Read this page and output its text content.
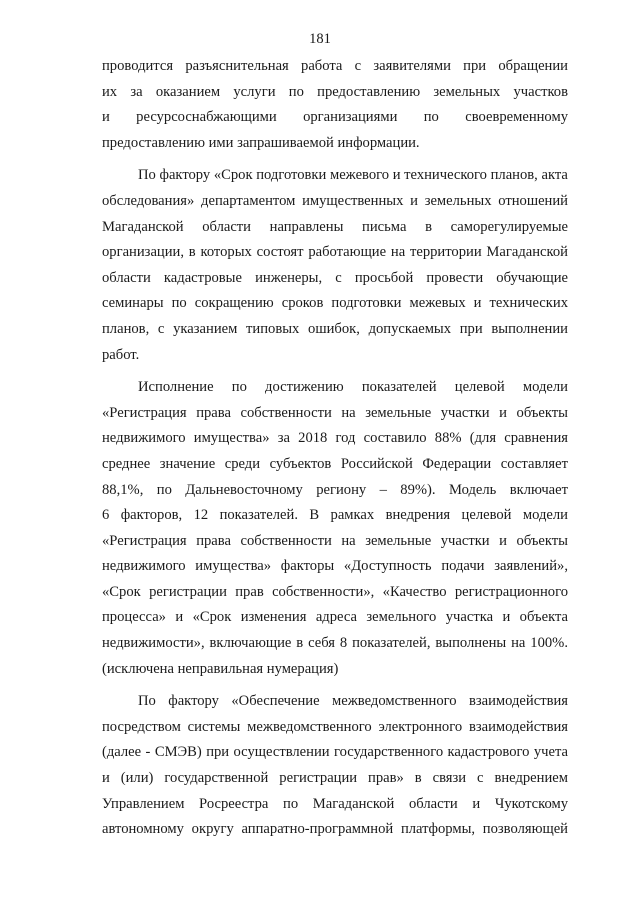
181
проводится разъяснительная работа с заявителями при обращении
их за оказанием услуги по предоставлению земельных участков
и ресурсоснабжающими организациями по своевременному
предоставлению ими запрашиваемой информации.
По фактору «Срок подготовки межевого и технического планов, акта
обследования» департаментом имущественных и земельных отношений
Магаданской области направлены письма в саморегулируемые
организации, в которых состоят работающие на территории Магаданской
области кадастровые инженеры, с просьбой провести обучающие
семинары по сокращению сроков подготовки межевых и технических
планов, с указанием типовых ошибок, допускаемых при выполнении
работ.
Исполнение по достижению показателей целевой модели
«Регистрация права собственности на земельные участки и объекты
недвижимого имущества» за 2018 год составило 88% (для сравнения
среднее значение среди субъектов Российской Федерации составляет
88,1%, по Дальневосточному региону – 89%). Модель включает
6 факторов, 12 показателей. В рамках внедрения целевой модели
«Регистрация права собственности на земельные участки и объекты
недвижимого имущества» факторы «Доступность подачи заявлений»,
«Срок регистрации прав собственности», «Качество регистрационного
процесса» и «Срок изменения адреса земельного участка и объекта
недвижимости», включающие в себя 8 показателей, выполнены на 100%.
(исключена неправильная нумерация)
По фактору «Обеспечение межведомственного взаимодействия
посредством системы межведомственного электронного взаимодействия
(далее - СМЭВ) при осуществлении государственного кадастрового учета
и (или) государственной регистрации прав» в связи с внедрением
Управлением Росреестра по Магаданской области и Чукотскому
автономному округу аппаратно-программной платформы, позволяющей
